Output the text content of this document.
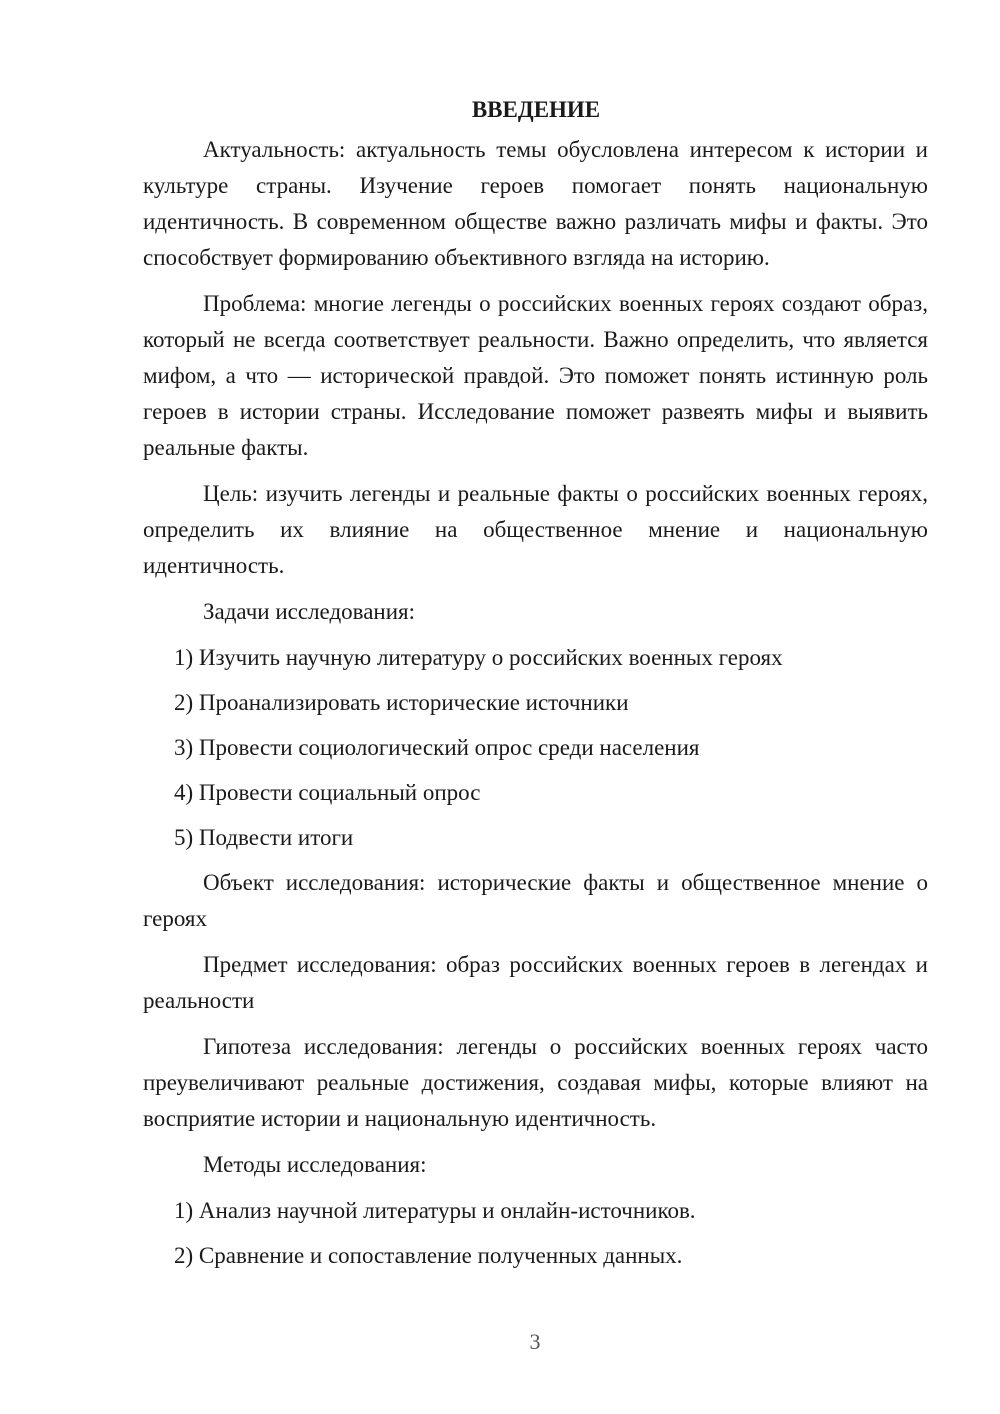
ВВЕДЕНИЕ

Актуальность: актуальность темы обусловлена интересом к истории и культуре страны. Изучение героев помогает понять национальную идентичность. В современном обществе важно различать мифы и факты. Это способствует формированию объективного взгляда на историю.

Проблема: многие легенды о российских военных героях создают образ, который не всегда соответствует реальности. Важно определить, что является мифом, а что — исторической правдой. Это поможет понять истинную роль героев в истории страны. Исследование поможет развеять мифы и выявить реальные факты.

Цель: изучить легенды и реальные факты о российских военных героях, определить их влияние на общественное мнение и национальную идентичность.

Задачи исследования:

1) Изучить научную литературу о российских военных героях

2) Проанализировать исторические источники

3) Провести социологический опрос среди населения

4) Провести социальный опрос

5) Подвести итоги

Объект исследования: исторические факты и общественное мнение о героях

Предмет исследования: образ российских военных героев в легендах и реальности

Гипотеза исследования: легенды о российских военных героях часто преувеличивают реальные достижения, создавая мифы, которые влияют на восприятие истории и национальную идентичность.

Методы исследования:

1) Анализ научной литературы и онлайн-источников.

2) Сравнение и сопоставление полученных данных.

3
